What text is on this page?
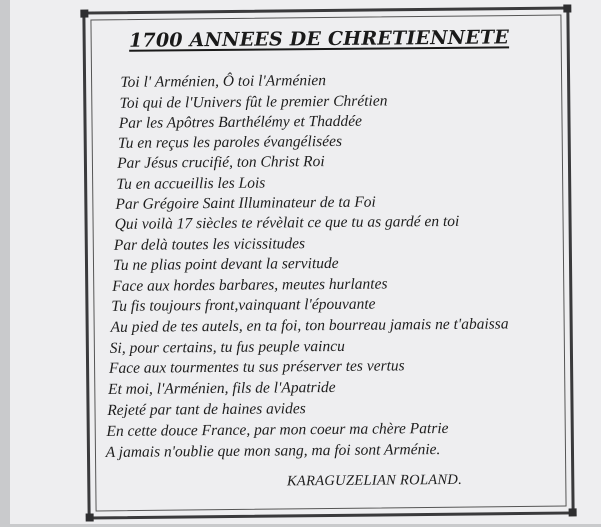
1700 ANNEES DE CHRETIENNETE

Toi l' Arménien, Ô toi l'Arménien

Toi qui de l'Univers fût le premier Chrétien

Par les Apôtres Barthélémy et Thaddée

Tu en reçus les paroles évangélisées

Par Jésus crucifié, ton Christ Roi

Tu en accueillis les Lois

Par Grégoire Saint Illuminateur de ta Foi

Qui voilà 17 siècles te révèlait ce que tu as gardé en toi

Par delà toutes les vicissitudes

Tu ne plias point devant la servitude

Face aux hordes barbares, meutes hurlantes

Tu fis toujours front,vainquant l'épouvante

Au pied de tes autels, en ta foi, ton bourreau jamais ne t'abaissa

Si, pour certains, tu fus peuple vaincu

Face aux tourmentes tu sus préserver tes vertus

Et moi, l'Arménien, fils de l'Apatride

Rejeté par tant de haines avides

En cette douce France, par mon coeur ma chère Patrie

A jamais n'oublie que mon sang, ma foi sont Arménie.

KARAGUZELIAN ROLAND.
